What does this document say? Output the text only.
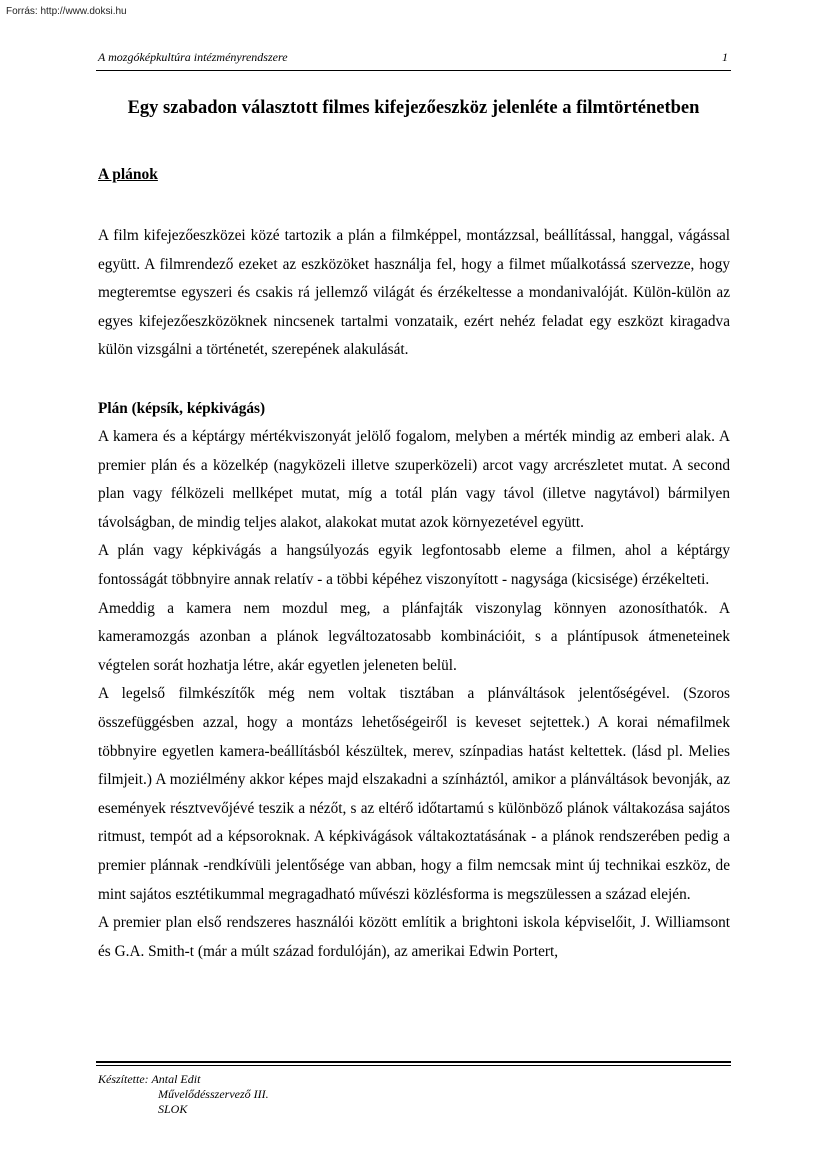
Forrás: http://www.doksi.hu
A mozgóképkultúra intézményrendszere	1
Egy szabadon választott filmes kifejezőeszköz jelenléte a filmtörténetben
A plánok

A film kifejezőeszközei közé tartozik a plán a filmképpel, montázzsal, beállítással, hanggal, vágással együtt. A filmrendező ezeket az eszközöket használja fel, hogy a filmet műalkotássá szervezze, hogy megteremtse egyszeri és csakis rá jellemző világát és érzékeltesse a mondanivalóját. Külön-külön az egyes kifejezőeszközöknek nincsenek tartalmi vonzataik, ezért nehéz feladat egy eszközt kiragadva külön vizsgálni a történetét, szerepének alakulását.

Plán (képsík, képkivágás)

A kamera és a képtárgy mértékviszonyát jelölő fogalom, melyben a mérték mindig az emberi alak. A premier plán és a közelkép (nagyközeli illetve szuperközeli) arcot vagy arcrészletet mutat. A second plan vagy félközeli mellképet mutat, míg a totál plán vagy távol (illetve nagytávol) bármilyen távolságban, de mindig teljes alakot, alakokat mutat azok környezetével együtt.

A plán vagy képkivágás a hangsúlyozás egyik legfontosabb eleme a filmen, ahol a képtárgy fontosságát többnyire annak relatív - a többi képéhez viszonyított - nagysága (kicsisége) érzékelteti.

Ameddig a kamera nem mozdul meg, a plánfajták viszonylag könnyen azonosíthatók. A kameramozgás azonban a plánok legváltozatosabb kombinációit, s a plántípusok átmeneteinek végtelen sorát hozhatja létre, akár egyetlen jeleneten belül.

A legelső filmkészítők még nem voltak tisztában a plánváltások jelentőségével. (Szoros összefüggésben azzal, hogy a montázs lehetőségeiről is keveset sejtettek.) A korai némafilmek többnyire egyetlen kamera-beállításból készültek, merev, színpadias hatást keltettek. (lásd pl. Melies filmjeit.) A moziélmény akkor képes majd elszakadni a színháztól, amikor a plánváltások bevonják, az események résztvevőjévé teszik a nézőt, s az eltérő időtartamú s különböző plánok váltakozása sajátos ritmust, tempót ad a képsoroknak. A képkivágások váltakoztatásának - a plánok rendszerében pedig a premier plánnak -rendkívüli jelentősége van abban, hogy a film nemcsak mint új technikai eszköz, de mint sajátos esztétikummal megragadható művészi közlésforma is megszülessen a század elején.

A premier plan első rendszeres használói között említik a brightoni iskola képviselőit, J. Williamsont és G.A. Smith-t (már a múlt század fordulóján), az amerikai Edwin Portert,

Készítette: Antal Edit
Művelődésszervező III.
SLOK
